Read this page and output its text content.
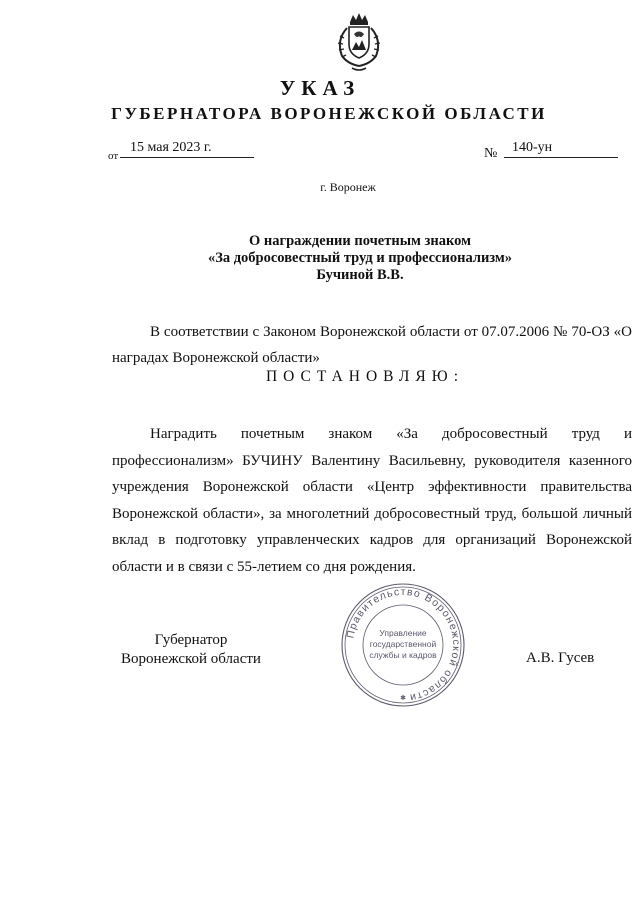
УКАЗ
ГУБЕРНАТОРА ВОРОНЕЖСКОЙ ОБЛАСТИ
от
15 мая 2023 г.	№	140-ун
г. Воронеж
О награждении почетным знаком
«За добросовестный труд и профессионализм»
Бучиной В.В.
В соответствии с Законом Воронежской области от 07.07.2006 № 70-ОЗ «О наградах Воронежской области»
ПОСТАНОВЛЯЮ:
Наградить почетным знаком «За добросовестный труд и профессионализм» БУЧИНУ Валентину Васильевну, руководителя казенного учреждения Воронежской области «Центр эффективности правительства Воронежской области», за многолетний добросовестный труд, большой личный вклад в подготовку управленческих кадров для организаций Воронежской области и в связи с 55-летием со дня рождения.
Губернатор
Воронежской области
Правительство Воронежской области
Управление
государственной
службы и кадров
✱
А.В. Гусев
